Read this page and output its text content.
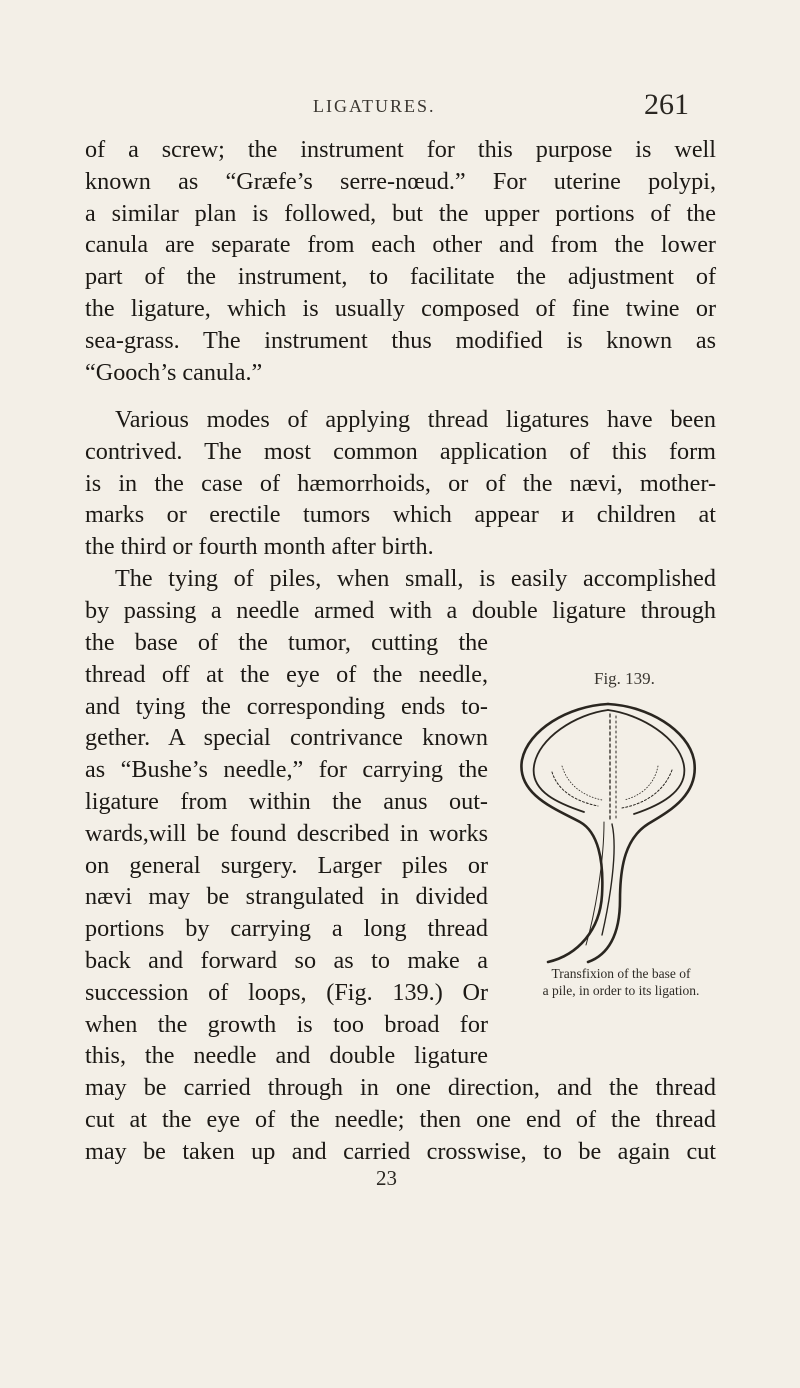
LIGATURES.	261
of a screw; the instrument for this purpose is well
known as “Græfe’s serre-nœud.” For uterine polypi,
a similar plan is followed, but the upper portions of the
canula are separate from each other and from the lower
part of the instrument, to facilitate the adjustment of
the ligature, which is usually composed of fine twine or
sea-grass. The instrument thus modified is known as
“Gooch’s canula.”
Various modes of applying thread ligatures have been
contrived. The most common application of this form
is in the case of hæmorrhoids, or of the nævi, mother-
marks or erectile tumors which appear и children at
the third or fourth month after birth.
The tying of piles, when small, is easily accomplished
by passing a needle armed with a double ligature through
the base of the tumor, cutting the
thread off at the eye of the needle,
and tying the corresponding ends to-
gether. A special contrivance known
as “Bushe’s needle,” for carrying the
ligature from within the anus out-
wards,will be found described in works
on general surgery. Larger piles or
nævi may be strangulated in divided
portions by carrying a long thread
back and forward so as to make a
succession of loops, (Fig. 139.) Or
when the growth is too broad for
this, the needle and double ligature
may be carried through in one direction, and the thread
cut at the eye of the needle; then one end of the thread
may be taken up and carried crosswise, to be again cut
23
Fig. 139.
Transfixion of the base of
a pile, in order to its ligation.
